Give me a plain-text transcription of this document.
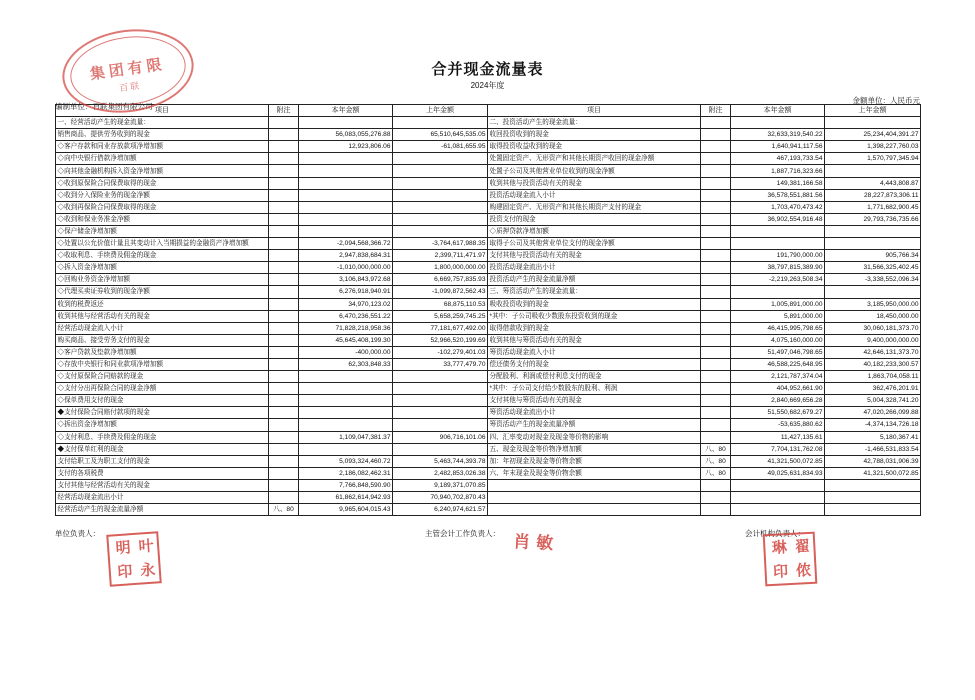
合并现金流量表
2024年度
编制单位：百联集团有限公司
金额单位：人民币元
项目	附注	本年金额	上年金额	项目	附注	本年金额	上年金额
一、经营活动产生的现金流量：				二、投资活动产生的现金流量：			
销售商品、提供劳务收到的现金		56,083,055,276.88	65,510,645,535.05	收回投资收到的现金		32,633,319,540.22	25,234,404,391.27
◇客户存款和同业存放款项净增加额		12,923,806.06	-61,081,655.95	取得投资收益收到的现金		1,640,941,117.56	1,398,227,760.03
◇向中央银行借款净增加额				处置固定资产、无形资产和其他长期资产收回的现金净额		467,193,733.54	1,570,797,345.94
◇向其他金融机构拆入资金净增加额				处置子公司及其他营业单位收到的现金净额		1,887,716,323.66	
◇收到原保险合同保费取得的现金				收到其他与投资活动有关的现金		149,381,166.58	4,443,808.87
◇收到分入保险业务的现金净额				投资活动现金流入小计		36,578,551,881.56	28,227,873,306.11
◇收到再保险合同保费取得的现金				购建固定资产、无形资产和其他长期资产支付的现金		1,703,470,473.42	1,771,682,900.45
◇收到和保业务准金净额				投资支付的现金		36,902,554,916.48	29,793,736,735.66
◇保户储金净增加额				◇质押贷款净增加额			
◇处置以公允价值计量且其变动计入当期损益的金融资产净增加额		-2,094,568,366.72	-3,764,617,988.35	取得子公司及其他营业单位支付的现金净额			
◇收取利息、手续费及佣金的现金		2,947,838,684.31	2,399,711,471.97	支付其他与投资活动有关的现金		191,790,000.00	905,766.34
◇拆入资金净增加额		-1,010,000,000.00	1,800,000,000.00	投资活动现金流出小计		38,797,815,389.90	31,566,325,402.45
◇回购业务资金净增加额		3,106,843,972.68	6,669,757,835.93	投资活动产生的现金流量净额		-2,219,263,508.34	-3,338,552,096.34
◇代理买卖证券收到的现金净额		6,276,918,940.91	-1,099,872,562.43	三、筹资活动产生的现金流量：			
收到的税费返还		34,970,123.02	68,875,110.53	吸收投资收到的现金		1,005,891,000.00	3,185,950,000.00
收到其他与经营活动有关的现金		6,470,236,551.22	5,658,259,745.25	*其中：子公司吸收少数股东投资收到的现金		5,891,000.00	18,450,000.00
经营活动现金流入小计		71,828,218,958.36	77,181,677,492.00	取得借款收到的现金		46,415,995,798.65	30,060,181,373.70
购买商品、接受劳务支付的现金		45,645,408,199.30	52,966,520,199.69	收到其他与筹资活动有关的现金		4,075,160,000.00	9,400,000,000.00
◇客户贷款及垫款净增加额		-400,000.00	-102,279,401.03	筹资活动现金流入小计		51,497,046,798.65	42,646,131,373.70
◇存放中央银行和同业款项净增加额		62,303,848.33	33,777,479.70	偿还债务支付的现金		46,588,225,648.95	40,182,233,300.57
◇支付原保险合同赔款的现金				分配股利、利润或偿付利息支付的现金		2,121,787,374.04	1,863,704,058.11
◇支付分出再保险合同的现金净额				*其中：子公司支付给少数股东的股利、利润		404,952,661.90	362,476,201.91
◇保单费用支付的现金				支付其他与筹资活动有关的现金		2,840,669,656.28	5,004,328,741.20
◆支付保险合同赔付款项的现金				筹资活动现金流出小计		51,550,682,679.27	47,020,266,099.88
◇拆出资金净增加额				筹资活动产生的现金流量净额		-53,635,880.62	-4,374,134,726.18
◇支付利息、手续费及佣金的现金		1,109,047,381.37	906,716,101.06	四、汇率变动对现金及现金等价物的影响		11,427,135.61	5,180,367.41
◆支付保单红利的现金				五、现金及现金等价物净增加额	八、80	7,704,131,762.08	-1,466,531,833.54
支付给职工及为职工支付的现金		5,093,324,460.72	5,463,744,393.78	加：年初现金及现金等价物余额	八、80	41,321,500,072.85	42,788,031,906.39
支付的各项税费		2,186,082,462.31	2,482,853,026.38	六、年末现金及现金等价物余额	八、80	49,025,631,834.93	41,321,500,072.85
支付其他与经营活动有关的现金		7,766,848,590.90	9,189,371,070.85				
经营活动现金流出小计		61,862,614,942.93	70,940,702,870.43				
经营活动产生的现金流量净额	八、80	9,965,604,015.43	6,240,974,621.57				
单位负责人：	主管会计工作负责人：	会计机构负责人：
集团有限
百联
明 叶
印 永
肖 敏	琳 翟
印 侬
